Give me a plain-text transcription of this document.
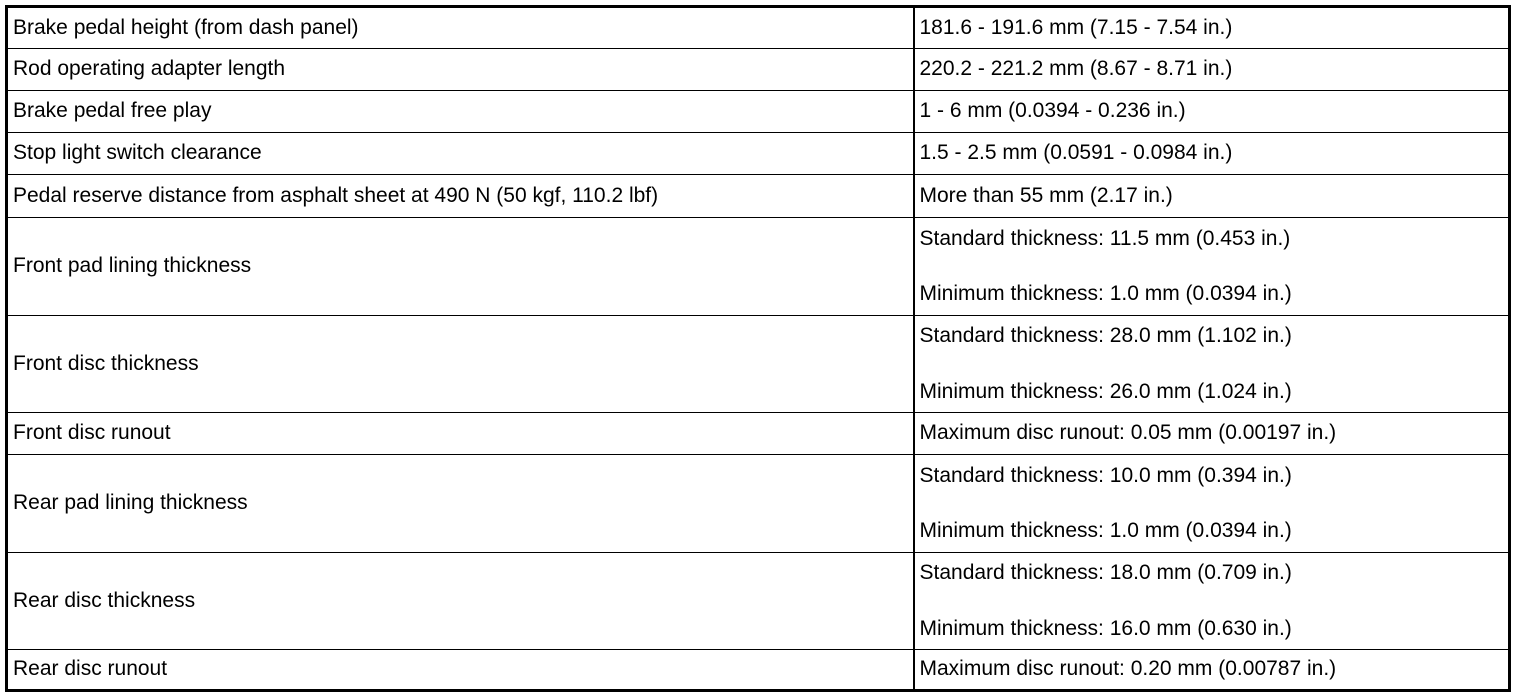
Brake pedal height (from dash panel)	181.6 - 191.6 mm (7.15 - 7.54 in.)

Rod operating adapter length	220.2 - 221.2 mm (8.67 - 8.71 in.)

Brake pedal free play	1 - 6 mm (0.0394 - 0.236 in.)

Stop light switch clearance	1.5 - 2.5 mm (0.0591 - 0.0984 in.)

Pedal reserve distance from asphalt sheet at 490 N (50 kgf, 110.2 lbf)	More than 55 mm (2.17 in.)

Front pad lining thickness	Standard thickness: 11.5 mm (0.453 in.)
Minimum thickness: 1.0 mm (0.0394 in.)

Front disc thickness	Standard thickness: 28.0 mm (1.102 in.)
Minimum thickness: 26.0 mm (1.024 in.)

Front disc runout	Maximum disc runout: 0.05 mm (0.00197 in.)

Rear pad lining thickness	Standard thickness: 10.0 mm (0.394 in.)
Minimum thickness: 1.0 mm (0.0394 in.)

Rear disc thickness	Standard thickness: 18.0 mm (0.709 in.)
Minimum thickness: 16.0 mm (0.630 in.)

Rear disc runout	Maximum disc runout: 0.20 mm (0.00787 in.)
